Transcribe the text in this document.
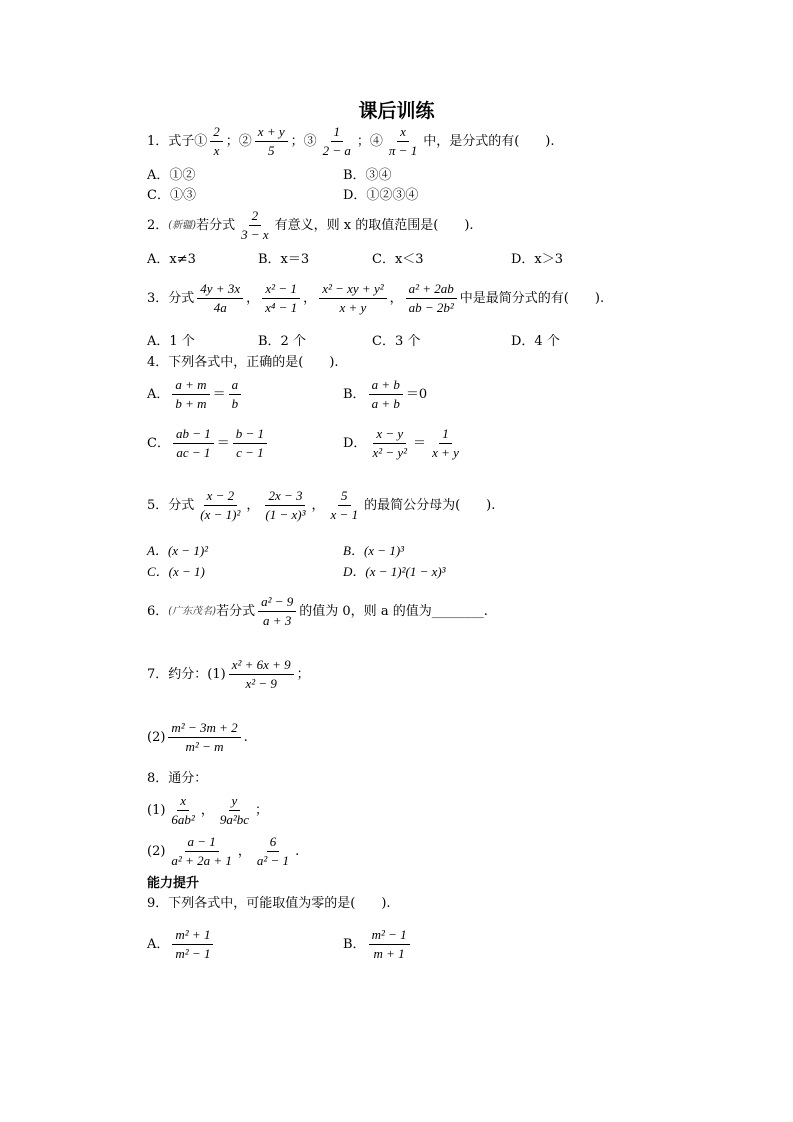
课后训练
1．式子① $\frac{2}{x}$ ；② $\frac{x + y}{5}$ ；③ $\frac{1}{2 - a}$ ；④ $\frac{x}{\pi - 1}$ 中，是分式的有(　　).
A．①②	B．③④
C．①③	D．①②③④
2． (新疆) 若分式 $\frac{2}{3 - x}$ 有意义，则 x 的取值范围是(　　).
A．x≠3	B．x＝3	C．x＜3	D．x＞3
3．分式 $\frac{4y + 3x}{4a}$ ， $\frac{\text{x² − 1}}{\text{x⁴ − 1}}$ ， $\frac{\text{x² − xy + y²}}{x + y}$ ， $\frac{\text{a² + 2ab}}{\text{ab − 2b²}}$ 中是最简分式的有(　　).
A．1 个	B．2 个	C．3 个	D．4 个
4．下列各式中，正确的是(　　).
A． $\frac{a + m}{b + m} = \frac{a}{b}$	B． $\frac{a + b}{a + b} =0$
C． $\frac{ab - 1}{ac - 1} = \frac{b - 1}{c - 1}$	D． $\frac{x - y}{\text{x² − y²}} = \frac{1}{x + y}$
5．分式 $\frac{x - 2}{\text{(x − 1)²}}$ ， $\frac{2x - 3}{\text{(1 − x)³}}$ ， $\frac{5}{x - 1}$ 的最简公分母为(　　).
A．(x − 1)²	B．(x − 1)³
C．(x − 1)	D．(x − 1)²(1 − x)³
6． (广东茂名) 若分式 $\frac{\text{a² − 9}}{a + 3}$ 的值为 0，则 a 的值为________.
7．约分：$(1) \frac{\text{x² + 6x + 9}}{\text{x² − 9}}$ ；
$(2) \frac{\text{m² − 3m + 2}}{\text{m² − m}}$ .
8．通分：
$(1) \frac{x}{\text{6ab²}}$ ， $\frac{y}{\text{9a²bc}}$ ；
$(2) \frac{a - 1}{\text{a² + 2a + 1}}$ ， $\frac{6}{\text{a² − 1}}$ .
能力提升
9．下列各式中，可能取值为零的是(　　).
A． $\frac{\text{m² + 1}}{\text{m² − 1}}$	B． $\frac{\text{m² − 1}}{m + 1}$
